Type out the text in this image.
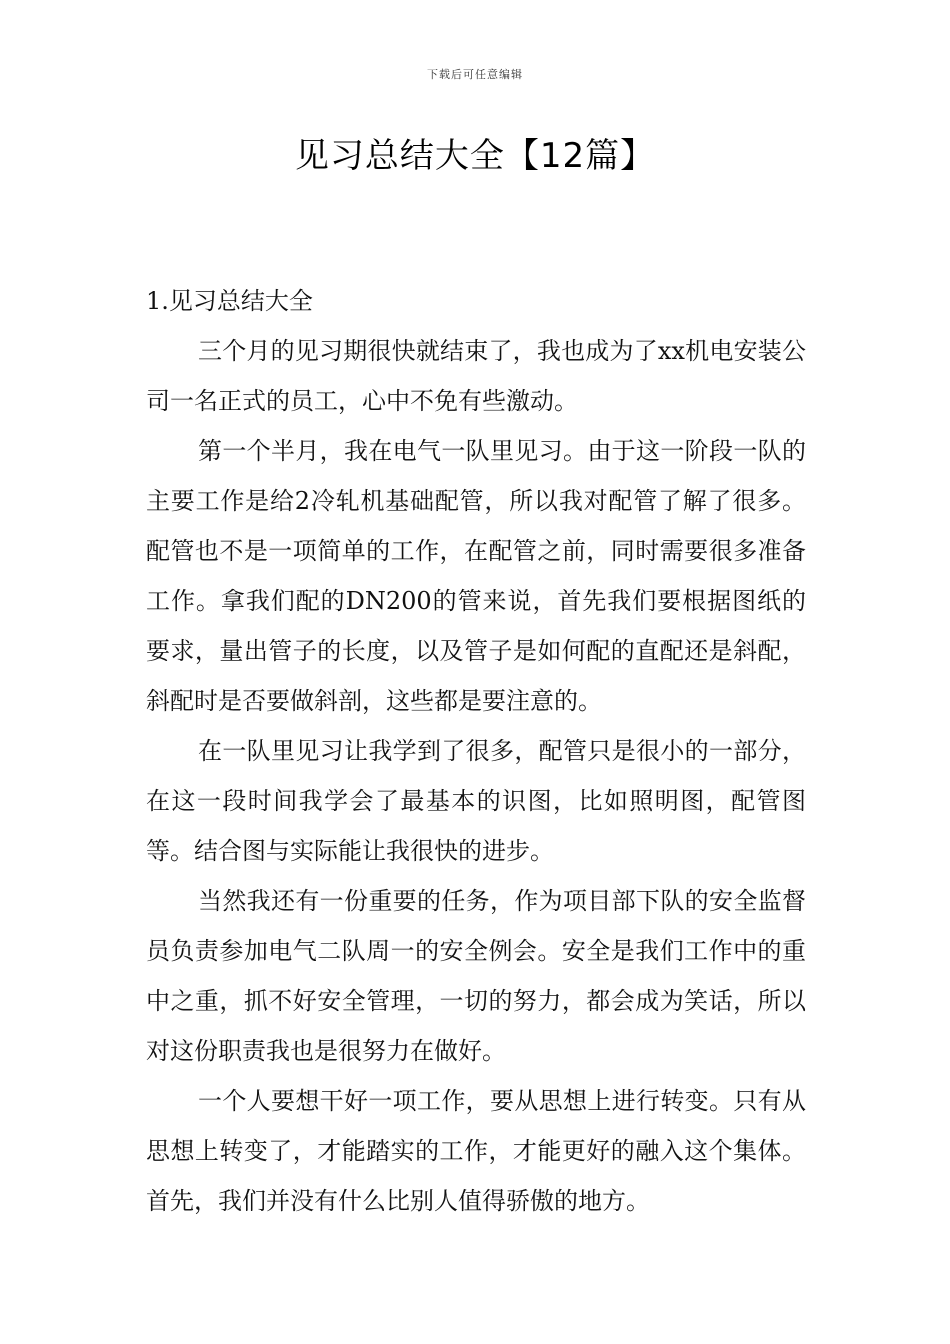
下载后可任意编辑
见习总结大全【12篇】

1.见习总结大全

三个月的见习期很快就结束了，我也成为了xx机电安装公司一名正式的员工，心中不免有些激动。

第一个半月，我在电气一队里见习。由于这一阶段一队的主要工作是给2冷轧机基础配管，所以我对配管了解了很多。配管也不是一项简单的工作，在配管之前，同时需要很多准备工作。拿我们配的DN200的管来说，首先我们要根据图纸的要求，量出管子的长度，以及管子是如何配的直配还是斜配，斜配时是否要做斜剖，这些都是要注意的。

在一队里见习让我学到了很多，配管只是很小的一部分，在这一段时间我学会了最基本的识图，比如照明图，配管图等。结合图与实际能让我很快的进步。

当然我还有一份重要的任务，作为项目部下队的安全监督员负责参加电气二队周一的安全例会。安全是我们工作中的重中之重，抓不好安全管理，一切的努力，都会成为笑话，所以对这份职责我也是很努力在做好。

一个人要想干好一项工作，要从思想上进行转变。只有从思想上转变了，才能踏实的工作，才能更好的融入这个集体。首先，我们并没有什么比别人值得骄傲的地方。
